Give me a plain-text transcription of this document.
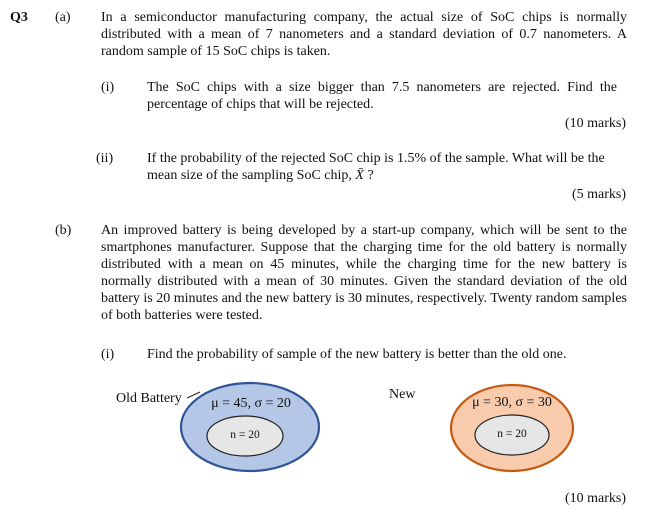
Q3 (a) In a semiconductor manufacturing company, the actual size of SoC chips is normally distributed with a mean of 7 nanometers and a standard deviation of 0.7 nanometers. A random sample of 15 SoC chips is taken.
(i) The SoC chips with a size bigger than 7.5 nanometers are rejected. Find the percentage of chips that will be rejected.
(10 marks)
(ii) If the probability of the rejected SoC chip is 1.5% of the sample. What will be the mean size of the sampling SoC chip, X̄ ?
(5 marks)
(b) An improved battery is being developed by a start-up company, which will be sent to the smartphones manufacturer. Suppose that the charging time for the old battery is normally distributed with a mean on 45 minutes, while the charging time for the new battery is normally distributed with a mean of 30 minutes. Given the standard deviation of the old battery is 20 minutes and the new battery is 30 minutes, respectively. Twenty random samples of both batteries were tested.
(i) Find the probability of sample of the new battery is better than the old one.
Old Battery	New
μ = 45, σ = 20
n = 20
μ = 30, σ = 30
n = 20
(10 marks)
